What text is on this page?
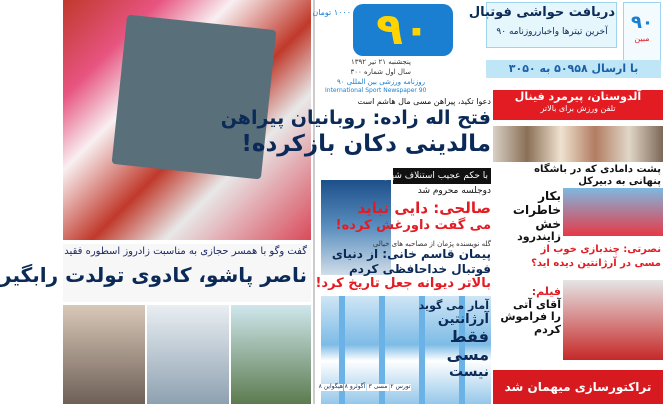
گفت وگو با همسر حجازی به مناسبت زادروز اسطوره فقید
ناصر پاشو، کادوی تولدت رابگیر
۹۰
۱۰۰۰ تومان
پنجشنبه ۲۱ تیر ۱۳۹۲
سال اول شماره ۳۰۰
روزنامه ورزشی بین المللی ۹۰
International Sport Newspaper 90
دریافت حواشی فوتبال
آخرین تیترها واخبارروزنامه ۹۰	۹۰
مبین
با ارسال ۵۰۹۵۸ به ۳۰۵۰
دعوا تکید، پیراهن مسی مال هاشم است
فتح اله زاده: روبانیان پیراهن
مالدینی دکان بازکرده!
با حکم عجیب استنلاف شهریار
دوجلسه محروم شد
صالحی: دایی نباید
می گفت داورغش کرده!
گله نویسنده پژمان از مصاحبه های خیالی
پیمان قاسم خانی: از دنیای
فوتبال خداحافظی کردم
بالاتر دیوانه جعل تاریخ کرد!
آمار می گوید
آرژانتین
فقط
مسی
نیست
هیگواین ۸ آگوئرو ۸ مسی ۳ تورس ۲
آلدوستان، پیرمرد فینال
تلفن ورزش برای بالاتر
پشت دامادی که در باشگاه
پنهانی به دبیرکل
بکار
خاطرات
خش
زایندرود
نصرتی: چندبازی خوب از
مسی در آرژانتین دیده اید؟
فیلم:
آقای آتی
را فراموش
کردم
تراکتورسازی میهمان شد
